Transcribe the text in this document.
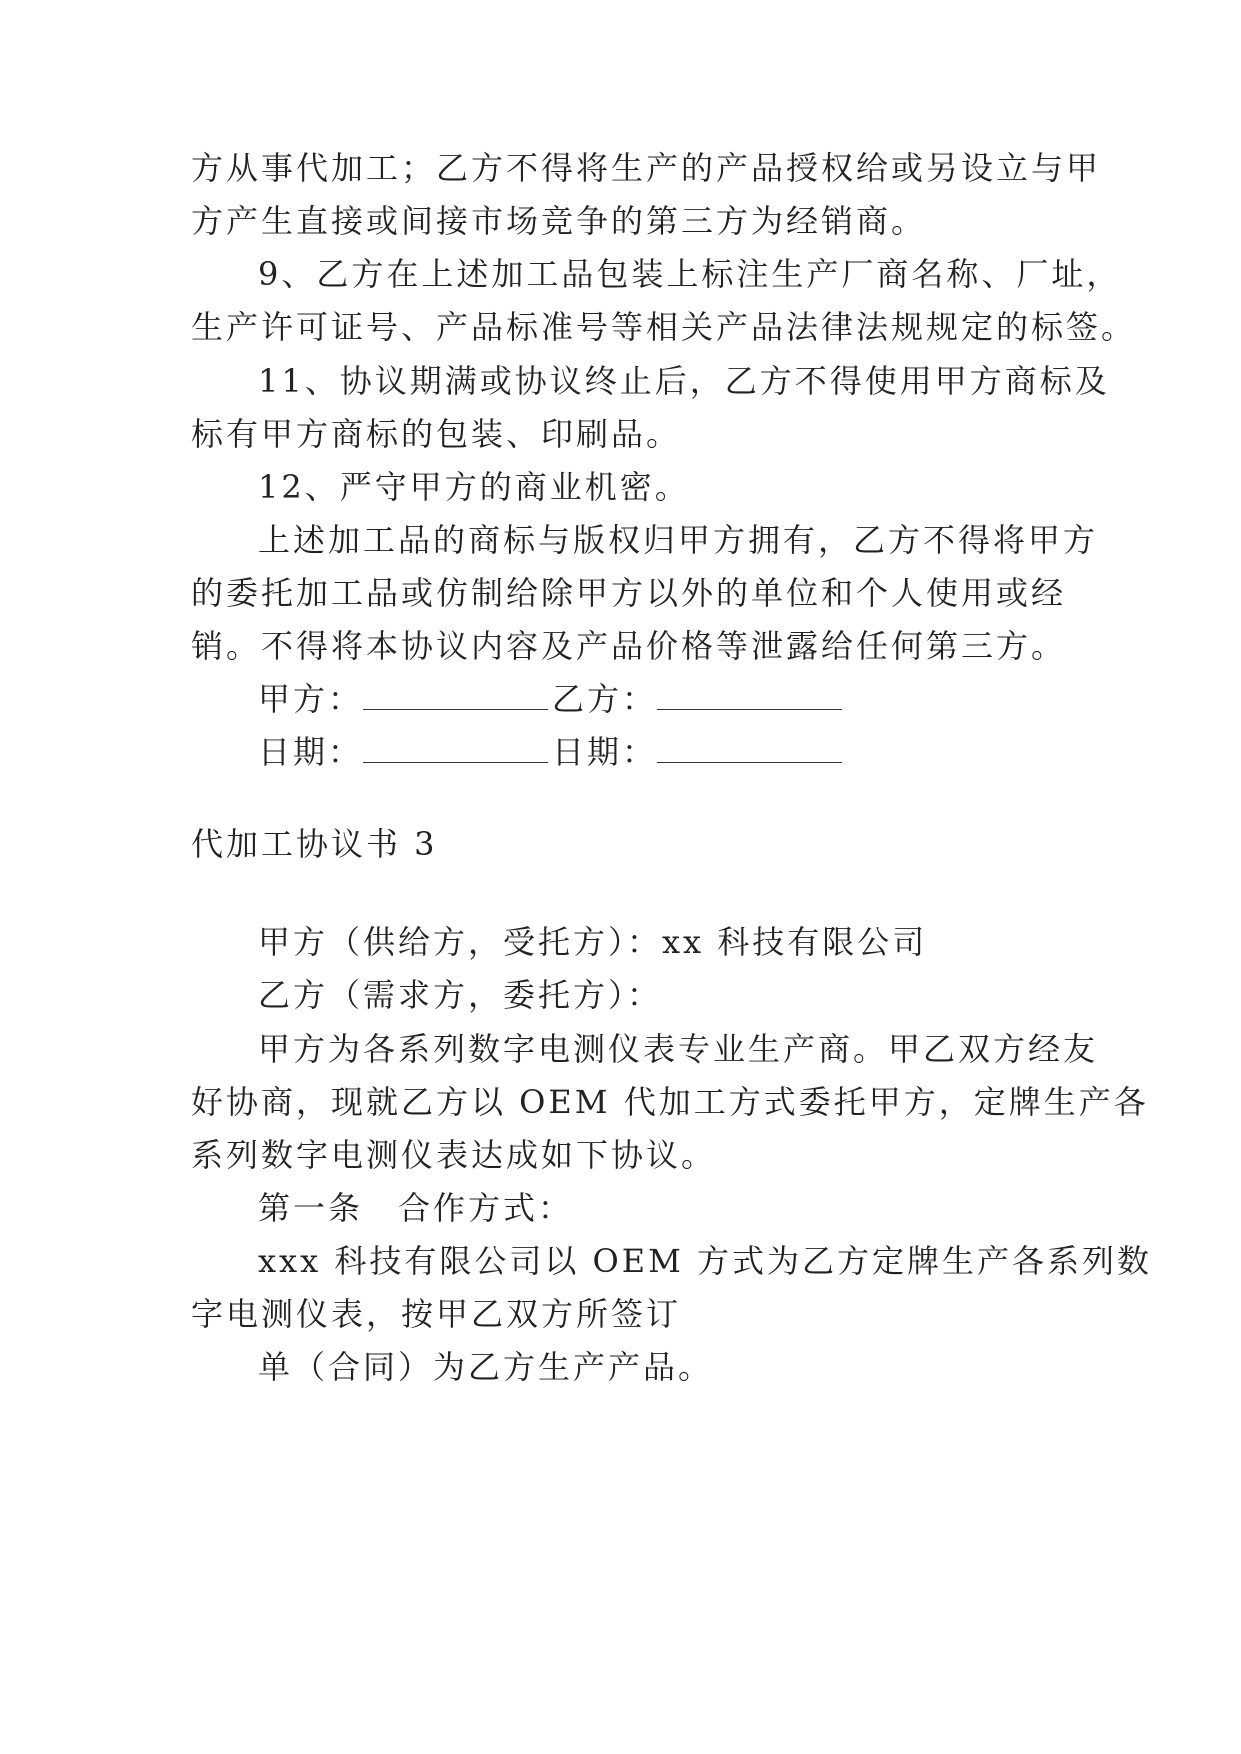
方从事代加工；乙方不得将生产的产品授权给或另设立与甲
方产生直接或间接市场竞争的第三方为经销商。
9、乙方在上述加工品包装上标注生产厂商名称、厂址，
生产许可证号、产品标准号等相关产品法律法规规定的标签。
11、协议期满或协议终止后，乙方不得使用甲方商标及
标有甲方商标的包装、印刷品。
12、严守甲方的商业机密。
上述加工品的商标与版权归甲方拥有，乙方不得将甲方
的委托加工品或仿制给除甲方以外的单位和个人使用或经
销。不得将本协议内容及产品价格等泄露给任何第三方。
甲方：	乙方：
日期：	日期：
代加工协议书 3
甲方（供给方，受托方）：xx 科技有限公司
乙方（需求方，委托方）：
甲方为各系列数字电测仪表专业生产商。甲乙双方经友
好协商，现就乙方以 OEM 代加工方式委托甲方，定牌生产各
系列数字电测仪表达成如下协议。
第一条　合作方式：
xxx 科技有限公司以 OEM 方式为乙方定牌生产各系列数
字电测仪表，按甲乙双方所签订
单（合同）为乙方生产产品。
